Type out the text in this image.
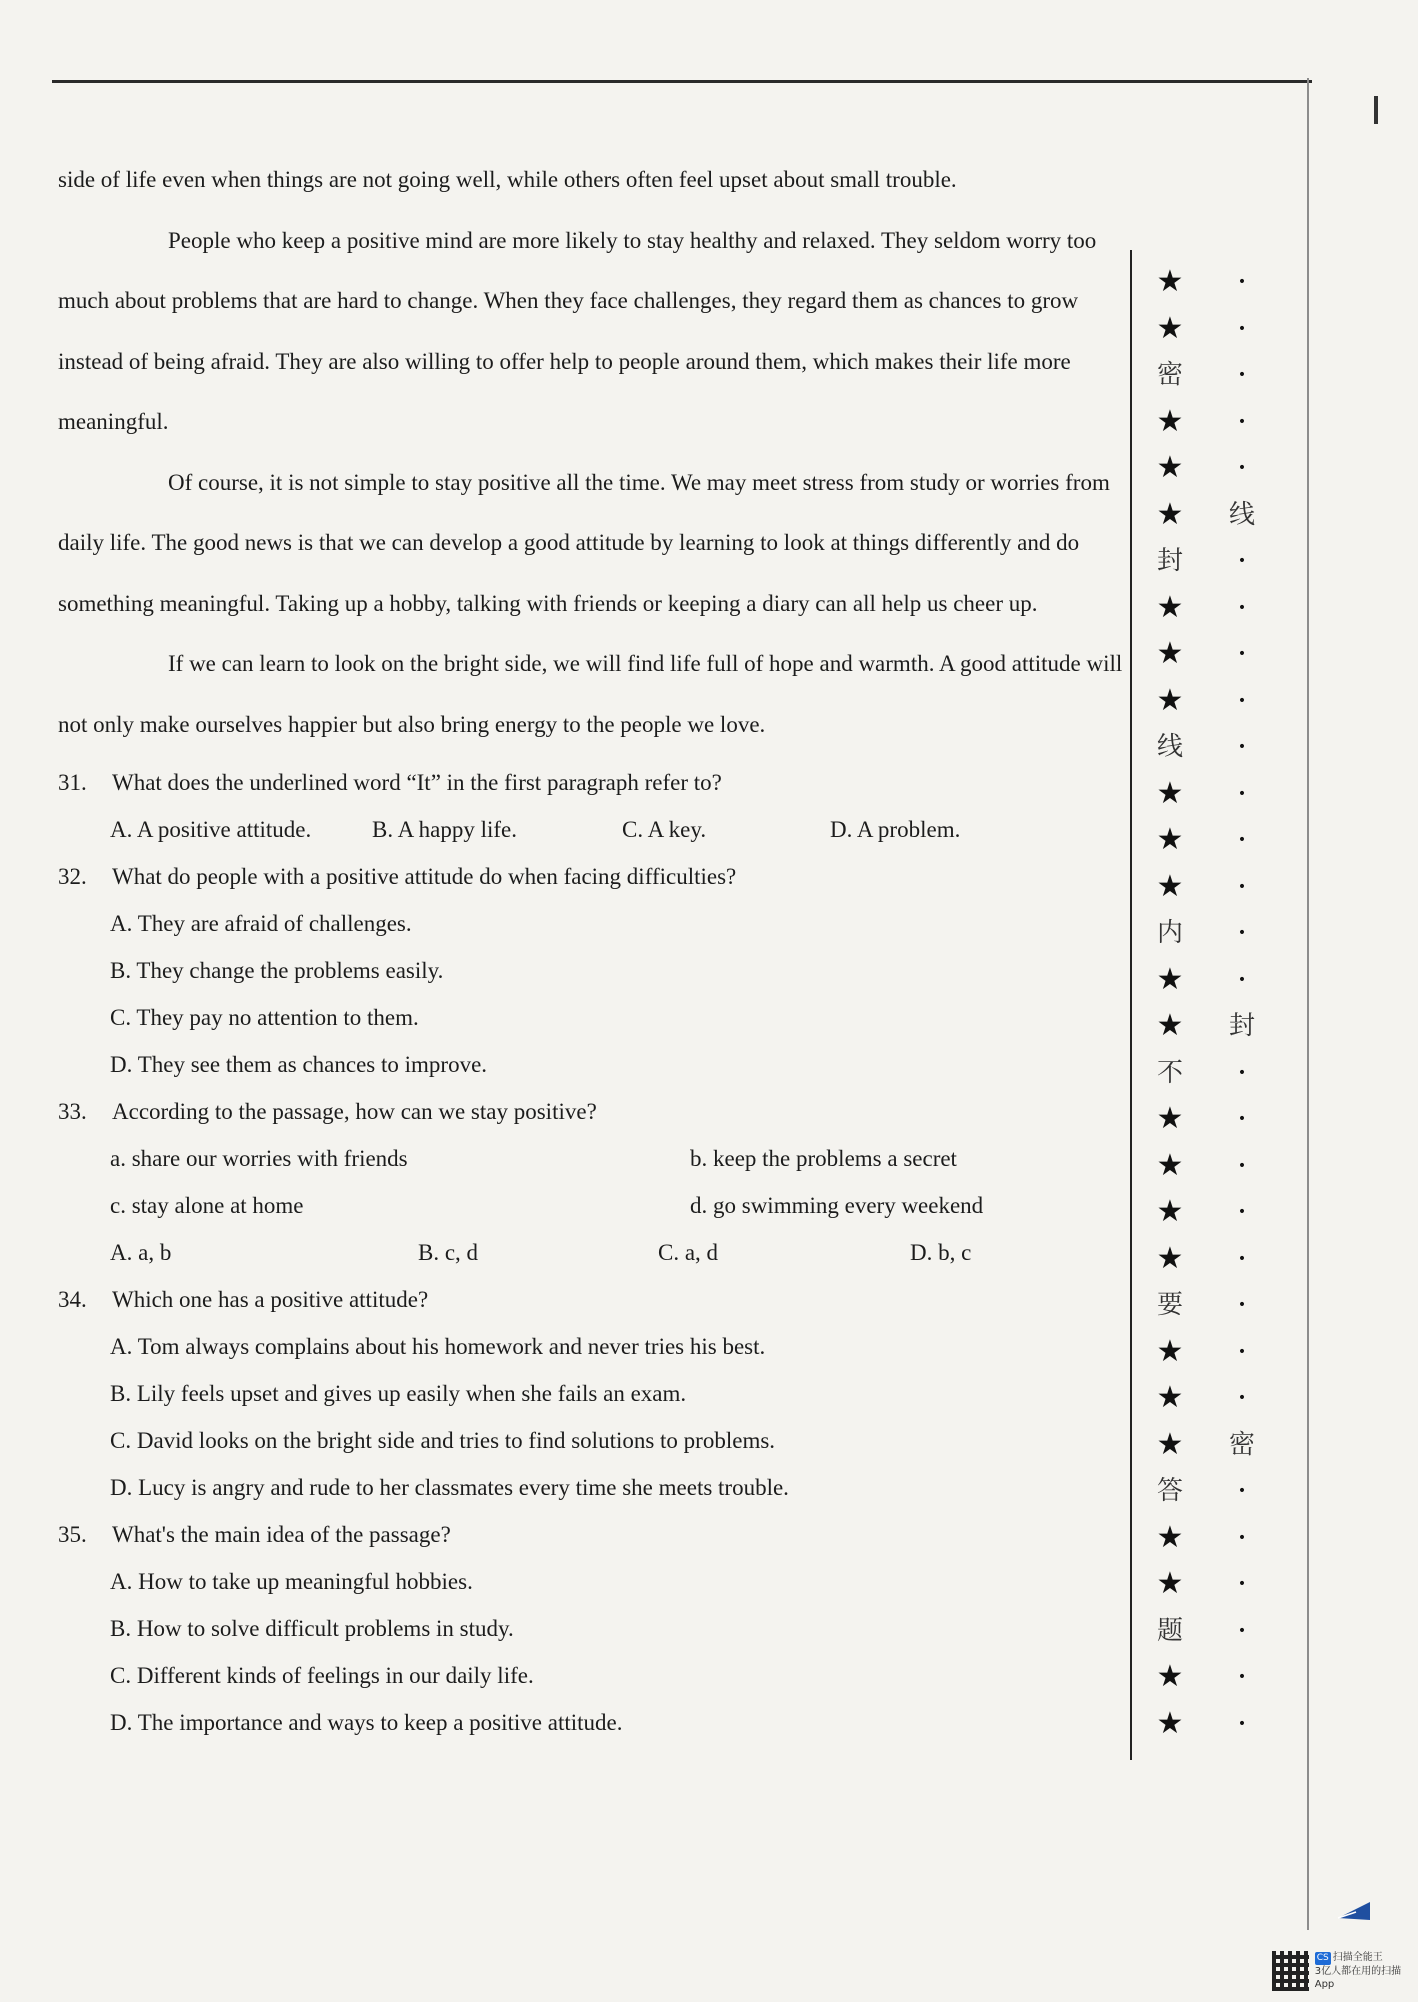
side of life even when things are not going well, while others often feel upset about small trouble.

People who keep a positive mind are more likely to stay healthy and relaxed. They seldom worry too much about problems that are hard to change. When they face challenges, they regard them as chances to grow instead of being afraid. They are also willing to offer help to people around them, which makes their life more meaningful.

Of course, it is not simple to stay positive all the time. We may meet stress from study or worries from daily life. The good news is that we can develop a good attitude by learning to look at things differently and do something meaningful. Taking up a hobby, talking with friends or keeping a diary can all help us cheer up.

If we can learn to look on the bright side, we will find life full of hope and warmth. A good attitude will not only make ourselves happier but also bring energy to the people we love.

31. What does the underlined word “It” in the first paragraph refer to?
A. A positive attitude.	B. A happy life.	C. A key.	D. A problem.
32. What do people with a positive attitude do when facing difficulties?
A. They are afraid of challenges.
B. They change the problems easily.
C. They pay no attention to them.
D. They see them as chances to improve.
33. According to the passage, how can we stay positive?
a. share our worries with friends	b. keep the problems a secret
c. stay alone at home	d. go swimming every weekend
A. a, b	B. c, d	C. a, d	D. b, c
34. Which one has a positive attitude?
A. Tom always complains about his homework and never tries his best.
B. Lily feels upset and gives up easily when she fails an exam.
C. David looks on the bright side and tries to find solutions to problems.
D. Lucy is angry and rude to her classmates every time she meets trouble.
35. What's the main idea of the passage?
A. How to take up meaningful hobbies.
B. How to solve difficult problems in study.
C. Different kinds of feelings in our daily life.
D. The importance and ways to keep a positive attitude.
★	•
★	•
密	•
★	•
★	•
★ 线
封	•
★	•
★	•
★	•
线	•
★	•
★	•
★	•
内	•
★	•
★ 封
不	•
★	•
★	•
★	•
★	•
要	•
★	•
★	•
★ 密
答	•
★	•
★	•
题	•
★	•
★	•
CS 扫描全能王
3亿人都在用的扫描App
